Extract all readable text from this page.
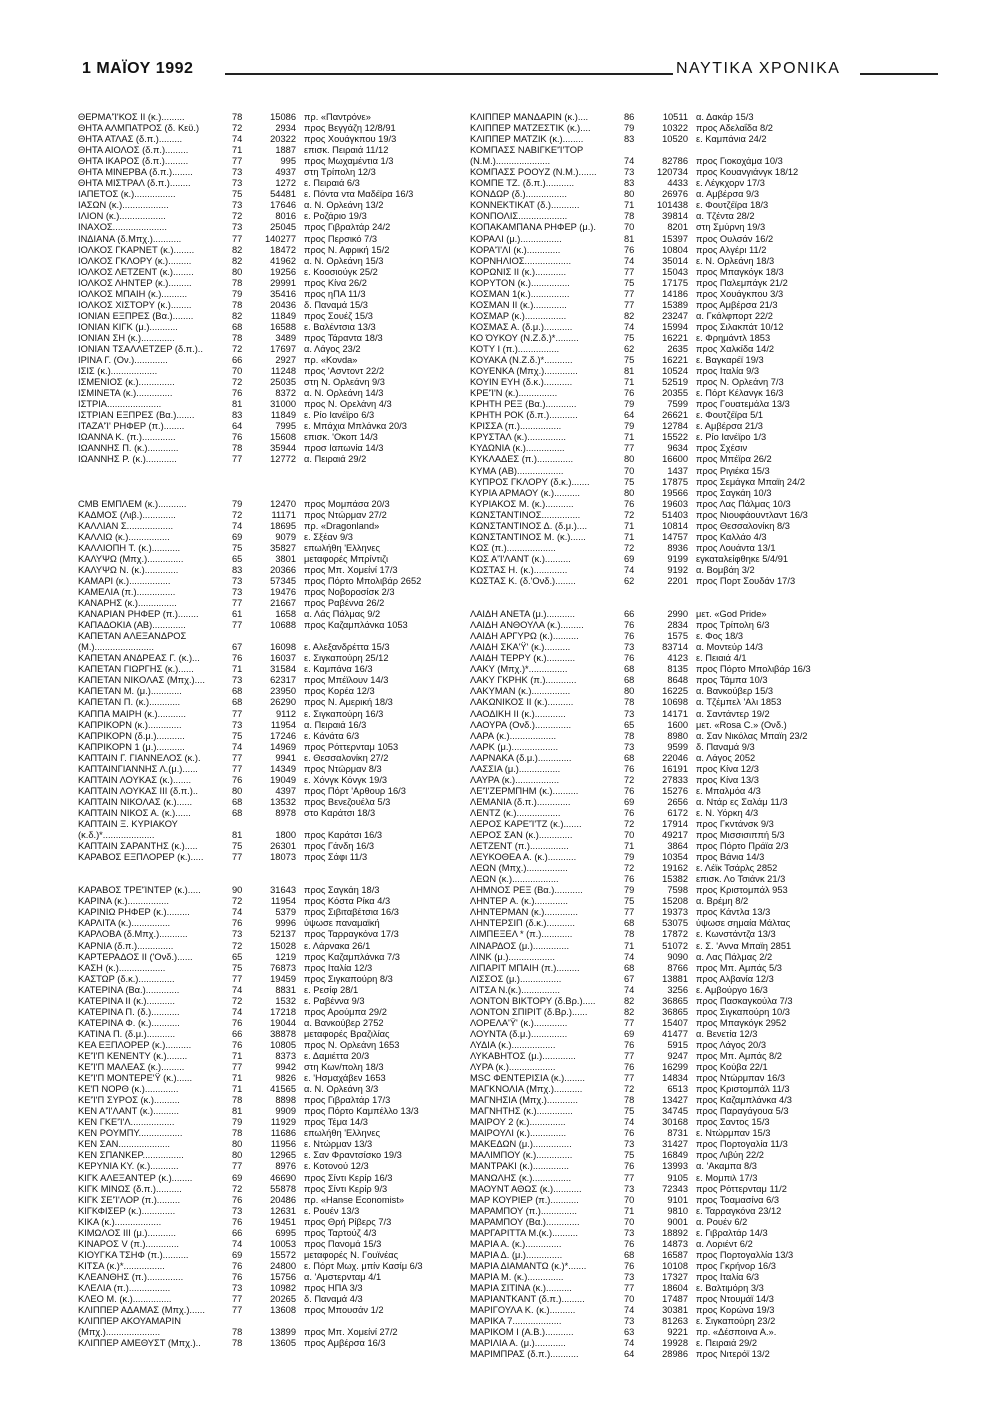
1 ΜΑΪΟΥ 1992	ΝΑΥΤΙΚΑ ΧΡΟΝΙΚΑ
ΘΕΡΜΑ'Ί'ΚΟΣ ΙΙ (κ.).........	78	15086 πρ. «Παντρόνε»
ΘΗΤΑ ΑΛΜΠΑΤΡΟΣ (δ. Κεϋ.)	72	2934 προς Βεγγάζη 12/8/91
ΘΗΤΑ ΑΤΛΑΣ (δ.π.).........	74	20322 προς Χουάγκπου 19/3
ΘΗΤΑ ΑΙΟΛΟΣ (δ.π.).........	71	1887 επισκ. Πειραιά 11/12
ΘΗΤΑ ΙΚΑΡΟΣ (δ.π.).........	77	995 προς Μωχαμέντια 1/3
ΘΗΤΑ ΜΙΝΕΡΒΑ (δ.π.)........	73	4937 στη Τρίπολη 12/3
ΘΗΤΑ ΜΙΣΤΡΑΛ (δ.π.)........	73	1272 ε. Πειραιά 6/3
ΙΑΠΕΤΟΣ (κ.)................	75	54481 ε. Πόντα ντα Μαδέϊρα 16/3
ΙΑΣΩΝ (κ.)..................	73	17646 α. Ν. Ορλεάνη 13/2
ΙΛΙΟΝ (κ.)..................	72	8016 ε. Ροζάριο 19/3
ΙΝΑΧΟΣ.....................	73	25045 προς Γιβραλτάρ 24/2
ΙΝΔΙΑΝΑ (δ.Μπχ.)...........	77	140277 προς Περσικό 7/3
ΙΟΛΚΟΣ ΓΚΑΡΝΕΤ (κ.)........	82	18472 προς Ν. Αφρική 15/2
ΙΟΛΚΟΣ ΓΚΛΟΡΥ (κ.).........	82	41962 α. Ν. Ορλεάνη 15/3
ΙΟΛΚΟΣ ΛΕΤΖΕΝΤ (κ.)........	80	19256 ε. Κοοσιούγκ 25/2
ΙΟΛΚΟΣ ΛΗΝΤΕΡ (κ.).........	78	29991 προς Κίνα 26/2
ΙΟΛΚΟΣ ΜΠΑΙΗ (κ.)..........	79	35416 προς ηΠΑ 11/3
ΙΟΛΚΟΣ ΧΙΣΤΟΡΥ (κ.)........	78	20436 δ. Παναμά 15/3
ΙΟΝΙΑΝ ΕΞΠΡΕΣ (Βα.)........	82	11849 προς Σουέζ 15/3
ΙΟΝΙΑΝ ΚΙΓΚ (μ.)...........	68	16588 ε. Βαλέντσια 13/3
ΙΟΝΙΑΝ ΣΗ (κ.).............	78	3489 προς Τάραντα 18/3
ΙΟΝΙΑΝ ΤΣΑΛΛΕΤΖΕΡ (δ.π.)..	72	17697 α. Λάγος 23/2
ΙΡΙΝΑ Γ. (Ον.).............	66	2927 πρ. «Κονda»
ΙΣΙΣ (κ.)..................	70	11248 προς 'Ασντοντ 22/2
ΙΣΜΕΝΙΟΣ (κ.)..............	72	25035 στη Ν. Ορλεάνη 9/3
ΙΣΜΙΝΕΤΑ (κ.)..............	76	8372 α. Ν. Ορλεάνη 14/3
ΙΣΤΡΙΑ.....................	81	31000 προς Ν. Ορελάνη 4/3
ΙΣΤΡΙΑΝ ΕΞΠΡΕΣ (Βα.).......	83	11849 ε. Ρίο Ιανέϊρο 6/3
ΙΤΑΖΑ'Ί' ΡΗΦΕΡ (π.)........	64	7995 ε. Μπάχια Μπλάνκα 20/3
ΙΩΑΝΝΑ Κ. (π.).............	76	15608 επισκ. 'Οκοπ 14/3
ΙΩΑΝΝΗΣ Π. (κ.)............	78	35944 προσ Ιαπωνία 14/3
ΙΩΑΝΝΗΣ Ρ. (κ.)............	77	12772 α. Πειραιά 29/2
CMB ΕΜΠΛΕΜ (κ.)...........	79	12470 προς Μομπάσα 20/3
ΚΑΔΜΟΣ (Λιβ.).............	72	11171 προς Ντώρμαν 27/2
ΚΑΛΛΙΑΝ Σ..................	74	18695 πρ. «Dragonland»
ΚΑΛΛΙΩ (κ.)................	69	9079 ε. Σξέαν 9/3
ΚΑΛΛΙΟΠΗ Τ. (κ.)...........	75	35827 επωλήθη 'Ελληνες
ΚΑΛΥΨΩ (Μπχ.)..............	65	3801 μεταφορές Μπρίντιζι
ΚΑΛΥΨΩ Ν. (κ.).............	83	20366 προς Μπ. Χομείνί 17/3
ΚΑΜΑΡΙ (κ.)................	73	57345 προς Πόρτο Μπολιβάρ 2652
ΚΑΜΕΛΙΑ (π.)...............	73	19476 προς Νοβοροσίσκ 2/3
ΚΑΝΑΡΗΣ (κ.)...............	77	21667 προς Ραβέννα 26/2
ΚΑΝΑΡΙΑΝ ΡΗΦΕΡ (π.)........	61	1658 α. Λάς Πάλμας 9/2
ΚΑΠΑΔΟΚΙΑ (ΑΒ).............	77	10688 προς Καζαμπλάνκα 1053
ΚΑΠΕΤΑΝ ΑΛΕΞΑΝΔΡΟΣ
(Μ.).......................	67	16098 ε. Αλεξανδρέττα 15/3
ΚΑΠΕΤΑΝ ΑΝΔΡΕΑΣ Γ. (κ.)...	76	16037 ε. Σιγκαπούρη 25/12
ΚΑΠΕΤΑΝ ΓΙΩΡΓΗΣ (κ.)......	71	31584 ε. Καμπάνα 16/3
ΚΑΠΕΤΑΝ ΝΙΚΟΛΑΣ (Μπχ.)....	73	62317 προς Μπέϊλουν 14/3
ΚΑΠΕΤΑΝ Μ. (μ.)............	68	23950 προς Κορέα 12/3
ΚΑΠΕΤΑΝ Π. (κ.)............	68	26290 προς Ν. Αμερική 18/3
ΚΑΠΠΑ ΜΑΙΡΗ (κ.)...........	77	9112 ε. Σιγκαπούρη 16/3
ΚΑΠΡΙΚΟΡΝ (κ.).............	73	11954 α. Πειραιά 16/3
ΚΑΠΡΙΚΟΡΝ (δ.μ.)...........	75	17246 ε. Κάνάτα 6/3
ΚΑΠΡΙΚΟΡΝ 1 (μ.)...........	74	14969 προς Ρόττερνταμ 1053
ΚΑΠΤΑΙΝ Γ. ΓΙΑΝΝΕΛΟΣ (κ.).	77	9941 ε. Θεσσαλονίκη 27/2
ΚΑΠΤΑΙΝΓΙΑΝΝΗΣ Λ.(μ.)......	77	14349 προς Ντώρμαν 8/3
ΚΑΠΤΑΙΝ ΛΟΥΚΑΣ (κ.).......	76	19049 ε. Χόνγκ Κόνγκ 19/3
ΚΑΠΤΑΙΝ ΛΟΥΚΑΣ ΙΙΙ (δ.π.)..	80	4397 προς Πόρτ 'Αρθουρ 16/3
ΚΑΠΤΑΙΝ ΝΙΚΟΛΑΣ (κ.)......	68	13532 προς Βενεζουέλα 5/3
ΚΑΠΤΑΙΝ ΝΙΚΟΣ Α. (κ.)......	68	8978 στο Καράτσι 18/3
ΚΑΠΤΑΙΝ Ξ. ΚΥΡΙΑΚΟΥ
(κ.δ.)*....................	81	1800 προς Καράτσι 16/3
ΚΑΠΤΑΙΝ ΣΑΡΑΝΤΗΣ (κ.).....	75	26301 προς Γάνδη 16/3
ΚΑΡΑΒΟΣ ΕΞΠΛΟΡΕΡ (κ.).....	77	18073 προς Σάφι 11/3
ΚΑΡΑΒΟΣ ΤΡΕ'ΊΝΤΕΡ (κ.).....	90	31643 προς Σαγκάη 18/3
ΚΑΡΙΝΑ (κ.)................	72	11954 προς Κόστα Ρίκα 4/3
ΚΑΡΙΝΙΩ ΡΗΦΕΡ (κ.).........	74	5379 προς Σιβιταβέτσια 16/3
ΚΑΡΛΙΤΑ (κ.)...............	76	9996 ύψωσε παναμαϊκή
ΚΑΡΛΟΒΑ (δ.Μπχ.)...........	73	52137 προς Ταρραγκόνα 17/3
ΚΑΡΝΙΑ (δ.π.)..............	72	15028 ε. Λάρνακα 26/1
ΚΑΡΤΕΡΑΔΟΣ ΙΙ ('Ονδ.)......	65	1219 προς Καζαμπλάνκα 7/3
ΚΑΣΗ (κ.)..................	75	76873 προς Ιταλία 12/3
ΚΑΣΤΩΡ (δ.κ.)..............	77	19459 προς Σιγκαπούρη 8/3
ΚΑΤΕΡΙΝΑ (Βα.).............	74	8831 ε. Ρεσίφ 28/1
ΚΑΤΕΡΙΝΑ ΙΙ (κ.)...........	72	1532 ε. Ραβέννα 9/3
ΚΑΤΕΡΙΝΑ Π. (δ.)...........	74	17218 προς Αρούμπα 29/2
ΚΑΤΕΡΙΝΑ Φ. (κ.)...........	76	19044 α. Βανκούβερ 2752
ΚΑΤΙΝΑ Π. (δ.μ.)...........	66	38878 μεταφορές Βραζιλίας
ΚΕΑ ΕΞΠΛΟΡΕΡ (κ.)..........	76	10805 προς Ν. Ορλεάνη 1653
ΚΕ'Ί'Π ΚΕΝΕΝΤΥ (κ.)........	71	8373 ε. Δαμιέττα 20/3
ΚΕ'Ί'Π ΜΑΛΕΑΣ (κ.).........	77	9942 στη Κων/πολη 18/3
ΚΕ'Ί'Π ΜΟΝΤΕΡΕ'Ϋ (κ.)......	71	9826 ε. 'Ησμαχάβεν 1653
ΚΕ'Π ΝΟΡΘ (κ.).............	71	41565 α. Ν. Ορλεάνη 3/3
ΚΕ'Ί'Π ΣΥΡΟΣ (κ.)..........	78	8898 προς Γιβραλτάρ 17/3
ΚΕΝ Α'Ί'ΛΑΝΤ (κ.)..........	81	9909 προς Πόρτο Καμπέλλο 13/3
ΚΕΝ ΓΚΕ'Ί'Λ.................	79	11929 προς Τέμα 14/3
ΚΕΝ ΡΟΥΜΠΥ.................	78	11686 επωλήθη 'Ελληνες
ΚΕΝ ΣΑΝ....................	80	11956 ε. Ντώρμαν 13/3
ΚΕΝ ΣΠΑΝΚΕΡ................	80	12965 ε. Σαν Φραντσίσκο 19/3
ΚΕΡΥΝΙΑ ΚΥ. (κ.)...........	77	8976 ε. Κοτονού 12/3
ΚΙΓΚ ΑΛΕΞΑΝΤΕΡ (κ.)........	69	46690 προς Σίντι Κερίρ 16/3
ΚΙΓΚ ΜΙΝΩΣ (δ.π.)..........	72	55878 προς Σίντι Κερίρ 9/3
ΚΙΓΚ ΣΕ'Ί'ΛΟΡ (π.).........	76	20486 πρ. «Hanse Economist»
ΚΙΓΚΦΙΣΕΡ (κ.).............	73	12631 ε. Ρουέν 13/3
ΚΙΚΑ (κ.)..................	76	19451 προς Θρή Ρίβερς 7/3
ΚΙΜΩΛΟΣ ΙΙΙ (μ.)...........	66	6995 προς Ταρτούζ 4/3
ΚΙΝΑΡΟΣ V (π.).............	74	10053 προς Πανομά 15/3
ΚΙΟΥΓΚΑ ΤΣΗΦ (π.)..........	69	15572 μεταφορές Ν. Γουϊνέας
ΚΙΤΣΑ (κ.)*................	76	24800 ε. Πόρτ Μωχ. μπίν Κασίμ 6/3
ΚΛΕΑΝΘΗΣ (π.)..............	76	15756 α. 'Αμστερνταμ 4/1
ΚΛΕΛΙΑ (π.)................	73	10982 προς ΗΠΑ 3/3
ΚΛΕΟ Μ. (κ.)...............	77	20265 δ. Παναμά 4/3
ΚΛΙΠΠΕΡ ΑΔΑΜΑΣ (Μπχ.)......	77	13608 προς Μπουσάν 1/2
ΚΛΙΠΠΕΡ ΑΚΟΥΑΜΑΡΙΝ
(Μπχ.).....................	78	13899 προς Μπ. Χομείνί 27/2
ΚΛΙΠΠΕΡ ΑΜΕΘΥΣΤ (Μπχ.)..	78	13605 προς Αμβέρσα 16/3
ΚΛΙΠΠΕΡ ΜΑΝΔΑΡΙΝ (κ.)....	86	10511 α. Δακάρ 15/3
ΚΛΙΠΠΕΡ ΜΑΤΖΕΣΤΙΚ (κ.)....	79	10322 προς Αδελαΐδα 8/2
ΚΛΙΠΠΕΡ ΜΑΤΖΙΚ (κ.)........	83	10520 ε. Καμπάνια 24/2
ΚΟΜΠΑΣΣ ΝΑΒΙΓΚΕ'Ί'ΤΟΡ
(Ν.Μ.).....................	74	82786 προς Γιοκοχάμα 10/3
ΚΟΜΠΑΣΣ ΡΟΟΥΖ (Ν.Μ.).......	73	120734 προς Κουανγιάνγκ 18/12
ΚΟΜΠΕ ΤΖ. (δ.π.)...........	83	4433 ε. Λέγκχορν 17/3
ΚΟΝΔΩΡ (δ.)................	80	26976 α. Αμβέρσα 9/3
ΚΟΝΝΕΚΤΙΚΑΤ (δ.)...........	71	101438 ε. Φουτζέϊρα 18/3
ΚΟΝΠΟΛΙΣ...................	78	39814 α. Τζέντα 28/2
ΚΟΠΑΚΑΜΠΑΝΑ ΡΗΦΕΡ (μ.).	70	8201 στη Σμύρνη 19/3
ΚΟΡΑΛΙ (μ.)................	81	15397 προς Ουλσάν 16/2
ΚΟΡΑ'Ί'ΛΙ (κ.).............	76	10804 προς Αλγέρι 11/2
ΚΟΡΝΗΛΙΟΣ..................	74	35014 ε. Ν. Ορλεάνη 18/3
ΚΟΡΩΝΙΣ ΙΙ (κ.)............	77	15043 προς Μπαγκόγκ 18/3
ΚΟΡΥΤΟΝ (κ.)...............	75	17175 προς Παλεμπάγκ 21/2
ΚΟΣΜΑΝ 1(κ.)...............	77	14186 προς Χουάγκπου 3/3
ΚΟΣΜΑΝ ΙΙ (κ.).............	77	15389 προς Αμβέρσα 21/3
ΚΟΣΜΑΡ (κ.)................	82	23247 α. Γκάλφπορτ 22/2
ΚΟΣΜΑΣ Α. (δ.μ.)...........	74	15994 προς Σιλακπάτ 10/12
ΚΟ ΌΥΚΟΥ (Ν.Ζ.δ.)*.........	75	16221 ε. Φρημάντλ 1853
ΚΟΤΥ Ι (π.)................	62	2635 προς Χαλκίδα 14/2
ΚΟΥΑΚΑ (Ν.Ζ.δ.)*...........	75	16221 ε. Βαγκαρέϊ 19/3
ΚΟΥΕΝΚΑ (Μπχ.).............	81	10524 προς Ιταλία 9/3
ΚΟΥΙΝ ΕΥΗ (δ.κ.)...........	71	52519 προς Ν. Ορλεάνη 7/3
ΚΡΕ'Ί'Ν (κ.)...............	76	20355 ε. Πόρτ Κέλανγκ 16/3
ΚΡΗΤΗ ΡΕΞ (Βα.)............	79	7599 προς Γουατεμάλα 13/3
ΚΡΗΤΗ ΡΟΚ (δ.π.)...........	64	26621 ε. Φουτζέϊρα 5/1
ΚΡΙΣΣΑ (π.)................	79	12784 ε. Αμβέρσα 21/3
ΚΡΥΣΤΑΛ (κ.)...............	71	15522 ε. Ρίο Ιανέϊρο 1/3
ΚΥΔΩΝΙΑ (κ.)...............	77	9634 προς Σχέσιν
ΚΥΚΛΑΔΕΣ (π.)..............	80	16600 προς Μπέϊρα 26/2
ΚΥΜΑ (ΑΒ)..................	70	1437 προς Ριγιέκα 15/3
ΚΥΠΡΟΣ ΓΚΛΟΡΥ (δ.κ.).......	75	17875 προς Σεμάγκα Μπαϊη 24/2
ΚΥΡΙΑ ΑΡΜΑΟΥ (κ.)..........	80	19566 προς Σαγκάη 10/3
ΚΥΡΙΑΚΟΣ Μ. (κ.)...........	76	19603 προς Λας Πάλμας 10/3
ΚΩΝΣΤΑΝΤΙΝΟΣ...............	72	51403 προς Νιουφάουντλαντ 16/3
ΚΩΝΣΤΑΝΤΙΝΟΣ Δ. (δ.μ.)....	71	10814 προς Θεσσαλονίκη 8/3
ΚΩΝΣΤΑΝΤΙΝΟΣ Μ. (κ.)......	71	14757 προς Καλλάο 4/3
ΚΩΣ (π.)...................	72	8936 προς Λουάντα 13/1
ΚΩΣ Α'Ί'ΛΑΝΤ (κ.)..........	69	9199 εγκαταλείφθηκε 5/4/91
ΚΩΣΤΑΣ Η. (κ.).............	74	9192 α. Βομβάη 3/2
ΚΩΣΤΑΣ Κ. (δ.'Ονδ.)........	62	2201 προς Πορτ Σουδάν 17/3
ΛΑΙΔΗ ΑΝΕΤΑ (μ.)...........	66	2990 μετ. «God Pride»
ΛΑΙΔΗ ΑΝΘΟΥΛΑ (κ.).........	76	2834 προς Τρίπολη 6/3
ΛΑΙΔΗ ΑΡΓΥΡΩ (κ.)..........	76	1575 ε. Φος 18/3
ΛΑΙΔΗ ΣΚΑ'Ϋ' (κ.)..........	73	83714 α. Μοντεύρ 14/3
ΛΑΙΔΗ ΤΕΡΡΥ (κ.)...........	76	4123 ε. Πειαιά 4/1
ΛΑΚΥ (Μπχ.)*...............	68	8135 προς Πόρτο Μπολιβάρ 16/3
ΛΑΚΥ ΓΚΡΗΚ (π.)............	68	8648 προς Τάμπα 10/3
ΛΑΚΥΜΑΝ (κ.)...............	80	16225 α. Βανκούβερ 15/3
ΛΑΚΩΝΙΚΟΣ ΙΙ (κ.)..........	78	10698 α. Τζέμπελ 'Αλι 1853
ΛΑΟΔΙΚΗ ΙΙ (κ.)............	73	14171 α. Σαντάντερ 19/2
ΛΑΟΥΡΑ (Ονδ.)..............	65	1600 μετ. «Rosa C.» (Ονδ.)
ΛΑΡΑ (κ.)..................	78	8980 α. Σαν Νικόλας Μπαϊη 23/2
ΛΑΡΚ (μ.)..................	73	9599 δ. Παναμά 9/3
ΛΑΡΝΑΚΑ (δ.μ.).............	68	22046 α. Λάγος 2052
ΛΑΣΣΙΑ (μ.)................	76	16191 προς Κίνα 12/3
ΛΑΥΡΑ (κ.).................	72	27833 προς Κίνα 13/3
ΛΕ'Ί'ΖΕΡΜΠΗΜ (κ.)..........	76	15276 ε. Μπαλμόα 4/3
ΛΕΜΑΝΙΑ (δ.π.).............	69	2656 α. Ντάρ ες Σαλάμ 11/3
ΛΕΝΤΖ (κ.).................	76	6172 ε. Ν. Υόρκη 4/3
ΛΕΡΟΣ ΚΑΡΕ'Ί'ΤΖ (κ.).......	72	17914 προς Γκντάνσκ 9/3
ΛΕΡΟΣ ΣΑΝ (κ.).............	70	49217 προς Μισσισιππή 5/3
ΛΕΤΖΕΝΤ (π.)...............	71	3864 προς Πόρτο Πράϊα 2/3
ΛΕΥΚΟΘΕΑ Α. (κ.)...........	79	10354 προς Βάνια 14/3
ΛΕΩΝ (Μπχ.)................	72	19162 ε. Λέϊκ Τσάρλς 2852
ΛΕΩΝ (κ.)..................	76	15382 επισκ. Λο Τσιάνκ 21/3
ΛΗΜΝΟΣ ΡΕΞ (Βα.)...........	79	7598 προς Κριστομπάλ 953
ΛΗΝΤΕΡ Α. (κ.).............	75	15208 α. Βρέμη 8/2
ΛΗΝΤΕΡΜΑΝ (κ.).............	77	19373 προς Κάντλα 13/3
ΛΗΝΤΕΡΣΙΠ (δ.κ.)...........	68	53075 ύψωσε σημαία Μάλτας
ΛΙΜΠΕΞΕΛ * (π.)............	78	17872 ε. Κωνστάντζα 13/3
ΛΙΝΑΡΔΟΣ (μ.)..............	71	51072 ε. Σ. 'Αννα Μπαϊη 2851
ΛΙΝΚ (μ.)..................	74	9090 α. Λας Πάλμας 2/2
ΛΙΠΑΡΙΤ ΜΠΑΙΗ (π.).........	68	8766 προς Μπ. Αμπάς 5/3
ΛΙΣΣΟΣ (μ.)................	67	13881 προς Αλβανία 12/3
ΛΙΤΣΑ Ν.(κ.)...............	74	3256 ε. Αμβούργο 16/3
ΛΟΝΤΟΝ ΒΙΚΤΟΡΥ (δ.Βρ.).....	82	36865 προς Πασκαγκούλα 7/3
ΛΟΝΤΟΝ ΣΠΙΡΙΤ (δ.Βρ.)......	82	36865 προς Σιγκαπούρη 10/3
ΛΟΡΕΛΑ'Ϋ' (κ.).............	77	15407 προς Μπαγκόγκ 2952
ΛΟΥΝΤΑ (δ.μ.)..............	69	41477 α. Βενετία 12/3
ΛΥΔΙΑ (κ.).................	76	5915 προς Λάγος 20/3
ΛΥΚΑΒΗΤΟΣ (μ.).............	77	9247 προς Μπ. Αμπάς 8/2
ΛΥΡΑ (κ.)..................	76	16299 προς Κούβα 22/1
MSC ΦΕΝΤΕΡΙΣΙΑ (κ.)........	77	14834 προς Ντώρμπαν 16/3
ΜΑΓΚΝΟΛΙΑ (Μπχ.)...........	72	6513 προς Κριστομπάλ 11/3
ΜΑΓΝΗΣΙΑ (Μπχ.)............	78	13427 προς Καζαμπλάνκα 4/3
ΜΑΓΝΗΤΗΣ (κ.)..............	75	34745 προς Παραγάγουα 5/3
ΜΑΙΡΟΥ 2 (κ.)..............	74	30168 προς Σαντος 15/3
ΜΑΙΡΟΥΛΙ (κ.)..............	76	8731 ε. Ντώρμπαν 15/3
ΜΑΚΕΔΩΝ (μ.)...............	73	31427 προς Πορτογαλία 11/3
ΜΑΛΙΜΠΟΥ (κ.)..............	75	16849 προς Λιβύη 22/2
ΜΑΝΤΡΑΚΙ (κ.)..............	76	13993 α. 'Ακαμπα 8/3
ΜΑΝΩΛΗΣ (κ.)...............	77	9105 ε. Μομπιλ 17/3
ΜΑΟΥΝΤ ΑΘΩΣ (κ.)...........	73	72343 προς Ρόττερνταμ 11/2
ΜΑΡ ΚΟΥΡΙΕΡ (π.)...........	70	9101 προς Τοαμασίνα 6/3
ΜΑΡΑΜΠΟΥ (π.)..............	71	9810 ε. Ταρραγκόνα 23/12
ΜΑΡΑΜΠΟΥ (Βα.).............	70	9001 α. Ρουέν 6/2
ΜΑΡΓΑΡΙΤΤΑ Μ.(κ.)..........	73	18892 ε. Γιβραλτάρ 14/3
ΜΑΡΙΑ Α. (κ.)..............	76	14873 α. Λοριέντ 6/2
ΜΑΡΙΑ Δ. (μ.)..............	68	16587 προς Πορτογαλλία 13/3
ΜΑΡΙΑ ΔΙΑΜΑΝΤΩ (κ.)*.......	76	10108 προς Γκρήνορ 16/3
ΜΑΡΙΑ Μ. (κ.)..............	73	17327 προς Ιταλία 6/3
ΜΑΡΙΑ ΣΙΤΙΝΑ (κ.)..........	77	18604 ε. Βαλτιμόρη 3/3
ΜΑΡΙΑΝΤΚΑΝΤ (δ.π.).........	70	17487 προς Ντουμάϊ 14/3
ΜΑΡΙΓΟΥΛΑ Κ. (κ.)..........	74	30381 προς Κορώνα 19/3
ΜΑΡΙΚΑ 7...................	73	81263 ε. Σιγκαπούρη 23/2
ΜΑΡΙΚΟΜ Ι (Α.Β.)...........	63	9221 πρ. «Δέσποινα Α.».
ΜΑΡΙΛΙΑ Α. (μ.)............	74	19928 ε. Πειραιά 29/2
ΜΑΡΙΜΠΡΑΣ (δ.π.)...........	64	28986 προς Νιτερόϊ 13/2
